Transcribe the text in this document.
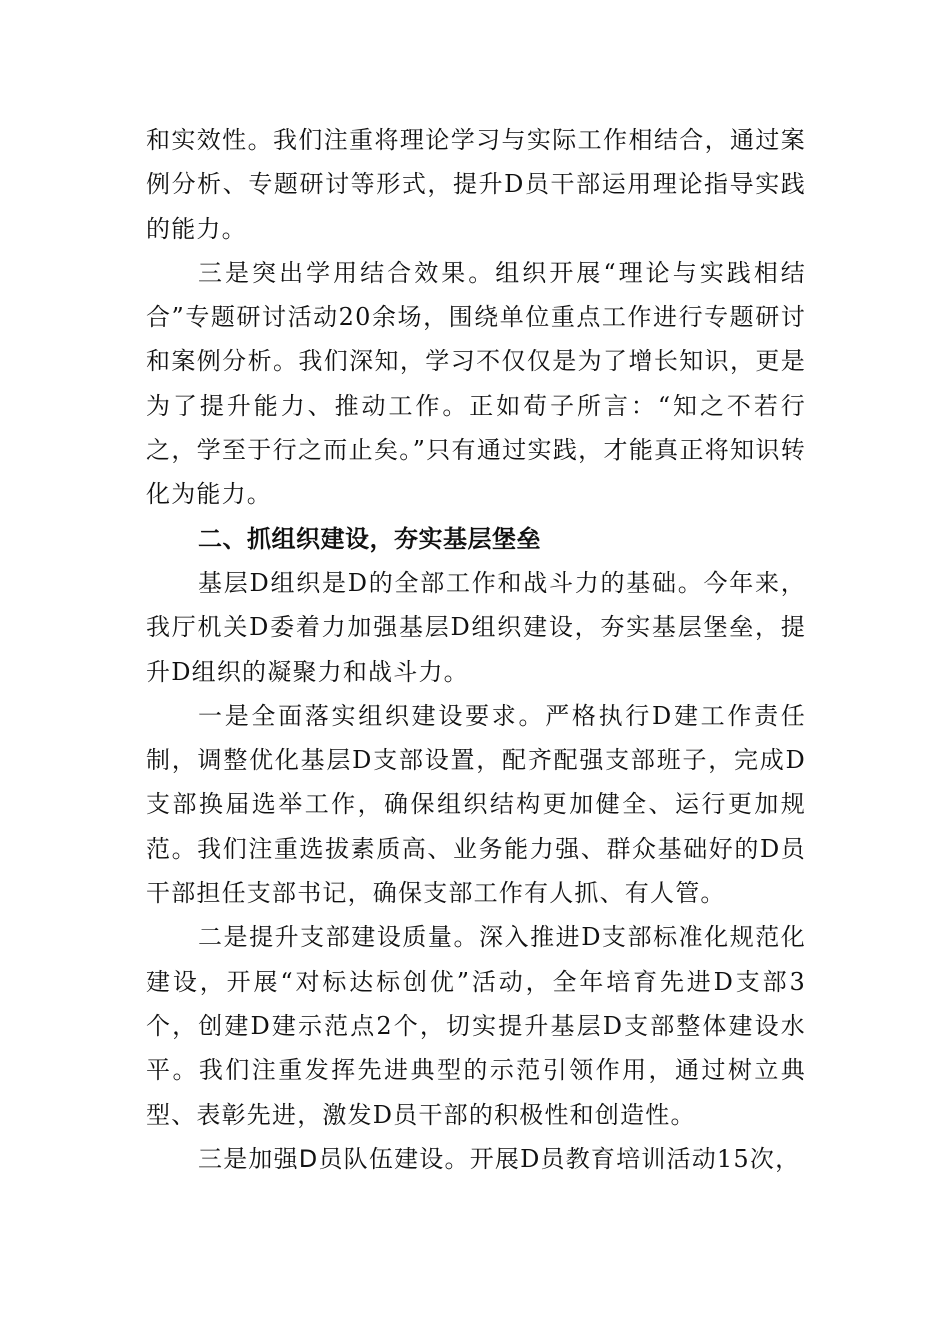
和实效性。我们注重将理论学习与实际工作相结合，通过案例分析、专题研讨等形式，提升D员干部运用理论指导实践的能力。

三是突出学用结合效果。组织开展“理论与实践相结合”专题研讨活动20余场，围绕单位重点工作进行专题研讨和案例分析。我们深知，学习不仅仅是为了增长知识，更是为了提升能力、推动工作。正如荀子所言：“知之不若行之，学至于行之而止矣。”只有通过实践，才能真正将知识转化为能力。

二、抓组织建设，夯实基层堡垒

基层D组织是D的全部工作和战斗力的基础。今年来，我厅机关D委着力加强基层D组织建设，夯实基层堡垒，提升D组织的凝聚力和战斗力。

一是全面落实组织建设要求。严格执行D建工作责任制，调整优化基层D支部设置，配齐配强支部班子，完成D支部换届选举工作，确保组织结构更加健全、运行更加规范。我们注重选拔素质高、业务能力强、群众基础好的D员干部担任支部书记，确保支部工作有人抓、有人管。

二是提升支部建设质量。深入推进D支部标准化规范化建设，开展“对标达标创优”活动，全年培育先进D支部3个，创建D建示范点2个，切实提升基层D支部整体建设水平。我们注重发挥先进典型的示范引领作用，通过树立典型、表彰先进，激发D员干部的积极性和创造性。

三是加强D员队伍建设。开展D员教育培训活动15次，
